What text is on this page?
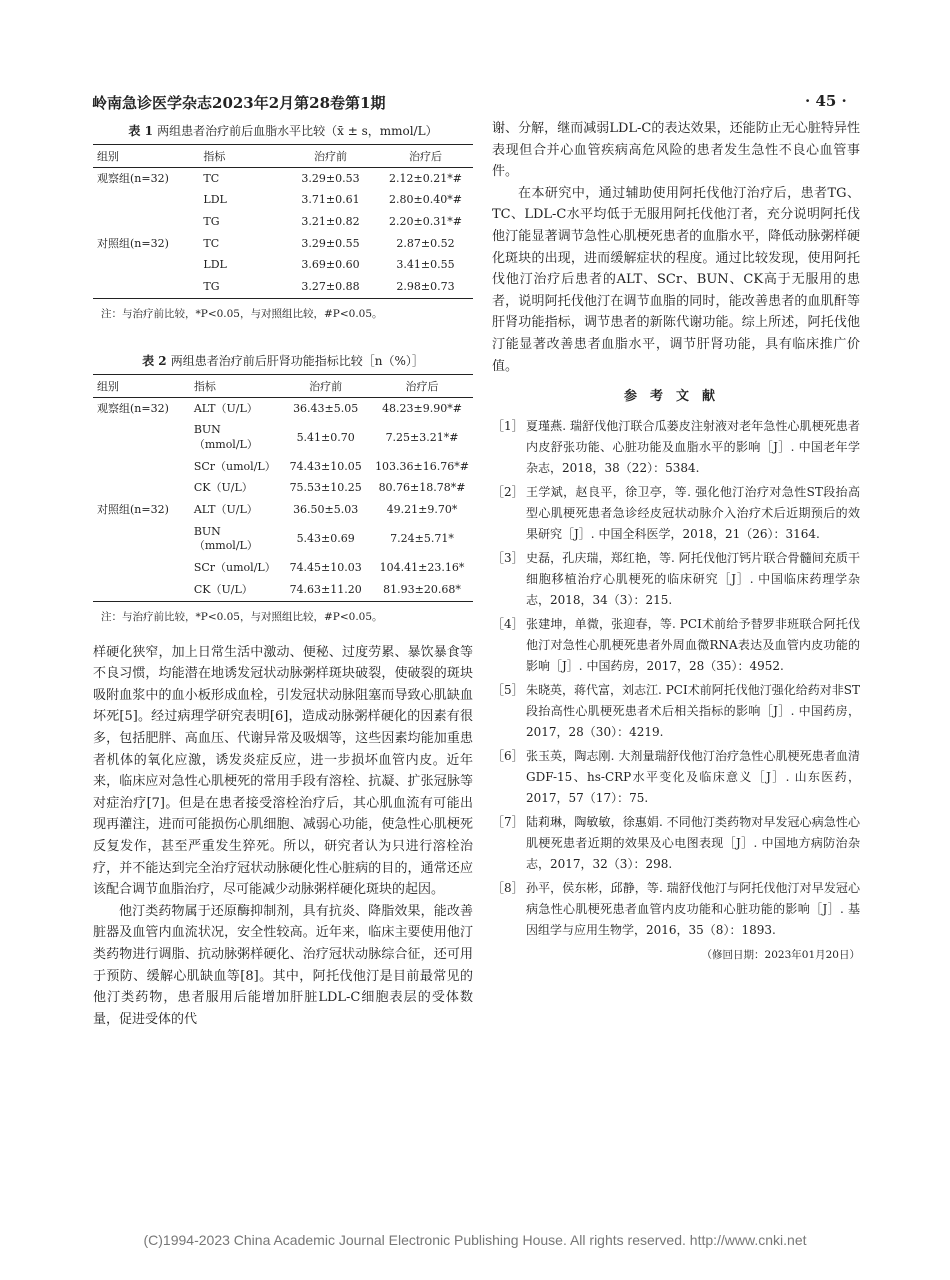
岭南急诊医学杂志2023年2月第28卷第1期	· 45 ·
表 1 两组患者治疗前后血脂水平比较（x̄ ± s，mmol/L）
组别	指标	治疗前	治疗后
观察组(n=32)	TC	3.29±0.53	2.12±0.21*#
	LDL	3.71±0.61	2.80±0.40*#
	TG	3.21±0.82	2.20±0.31*#
对照组(n=32)	TC	3.29±0.55	2.87±0.52
	LDL	3.69±0.60	3.41±0.55
	TG	3.27±0.88	2.98±0.73
注：与治疗前比较，*P<0.05，与对照组比较，#P<0.05。
表 2 两组患者治疗前后肝肾功能指标比较［n（%）］
组别	指标	治疗前	治疗后
观察组(n=32)	ALT（U/L）	36.43±5.05	48.23±9.90*#
	BUN（mmol/L）	5.41±0.70	7.25±3.21*#
	SCr（umol/L）	74.43±10.05	103.36±16.76*#
	CK（U/L）	75.53±10.25	80.76±18.78*#
对照组(n=32)	ALT（U/L）	36.50±5.03	49.21±9.70*
	BUN（mmol/L）	5.43±0.69	7.24±5.71*
	SCr（umol/L）	74.45±10.03	104.41±23.16*
	CK（U/L）	74.63±11.20	81.93±20.68*
注：与治疗前比较，*P<0.05，与对照组比较，#P<0.05。

样硬化狭窄，加上日常生活中激动、便秘、过度劳累、暴饮暴食等不良习惯，均能潜在地诱发冠状动脉粥样斑块破裂，使破裂的斑块吸附血浆中的血小板形成血栓，引发冠状动脉阻塞而导致心肌缺血坏死[5]。经过病理学研究表明[6]，造成动脉粥样硬化的因素有很多，包括肥胖、高血压、代谢异常及吸烟等，这些因素均能加重患者机体的氧化应激，诱发炎症反应，进一步损坏血管内皮。近年来，临床应对急性心肌梗死的常用手段有溶栓、抗凝、扩张冠脉等对症治疗[7]。但是在患者接受溶栓治疗后，其心肌血流有可能出现再灌注，进而可能损伤心肌细胞、减弱心功能，使急性心肌梗死反复发作，甚至严重发生猝死。所以，研究者认为只进行溶栓治疗，并不能达到完全治疗冠状动脉硬化性心脏病的目的，通常还应该配合调节血脂治疗，尽可能减少动脉粥样硬化斑块的起因。

他汀类药物属于还原酶抑制剂，具有抗炎、降脂效果，能改善脏器及血管内血流状况，安全性较高。近年来，临床主要使用他汀类药物进行调脂、抗动脉粥样硬化、治疗冠状动脉综合征，还可用于预防、缓解心肌缺血等[8]。其中，阿托伐他汀是目前最常见的他汀类药物，患者服用后能增加肝脏LDL-C细胞表层的受体数量，促进受体的代

谢、分解，继而减弱LDL-C的表达效果，还能防止无心脏特异性表现但合并心血管疾病高危风险的患者发生急性不良心血管事件。

在本研究中，通过辅助使用阿托伐他汀治疗后，患者TG、TC、LDL-C水平均低于无服用阿托伐他汀者，充分说明阿托伐他汀能显著调节急性心肌梗死患者的血脂水平，降低动脉粥样硬化斑块的出现，进而缓解症状的程度。通过比较发现，使用阿托伐他汀治疗后患者的ALT、SCr、BUN、CK高于无服用的患者，说明阿托伐他汀在调节血脂的同时，能改善患者的血肌酐等肝肾功能指标，调节患者的新陈代谢功能。综上所述，阿托伐他汀能显著改善患者血脂水平，调节肝肾功能，具有临床推广价值。

参考文献
［1］ 夏瑾燕. 瑞舒伐他汀联合瓜蒌皮注射液对老年急性心肌梗死患者内皮舒张功能、心脏功能及血脂水平的影响［J］. 中国老年学杂志，2018，38（22）：5384.
［2］ 王学斌，赵良平，徐卫亭，等. 强化他汀治疗对急性ST段抬高型心肌梗死患者急诊经皮冠状动脉介入治疗术后近期预后的效果研究［J］. 中国全科医学，2018，21（26）：3164.
［3］ 史磊，孔庆瑞，郑红艳，等. 阿托伐他汀钙片联合骨髓间充质干细胞移植治疗心肌梗死的临床研究［J］. 中国临床药理学杂志，2018，34（3）：215.
［4］ 张建坤，单微，张迎春，等. PCI术前给予替罗非班联合阿托伐他汀对急性心肌梗死患者外周血微RNA表达及血管内皮功能的影响［J］. 中国药房，2017，28（35）：4952.
［5］ 朱晓英，蒋代富，刘志江. PCI术前阿托伐他汀强化给药对非ST段抬高性心肌梗死患者术后相关指标的影响［J］. 中国药房，2017，28（30）：4219.
［6］ 张玉英，陶志刚. 大剂量瑞舒伐他汀治疗急性心肌梗死患者血清GDF-15、hs-CRP水平变化及临床意义［J］. 山东医药，2017，57（17）：75.
［7］ 陆莉琳，陶敏敏，徐惠娟. 不同他汀类药物对早发冠心病急性心肌梗死患者近期的效果及心电图表现［J］. 中国地方病防治杂志，2017，32（3）：298.
［8］ 孙平，侯东彬，邱静，等. 瑞舒伐他汀与阿托伐他汀对早发冠心病急性心肌梗死患者血管内皮功能和心脏功能的影响［J］. 基因组学与应用生物学，2016，35（8）：1893.
（修回日期：2023年01月20日）
(C)1994-2023 China Academic Journal Electronic Publishing House. All rights reserved. http://www.cnki.net
